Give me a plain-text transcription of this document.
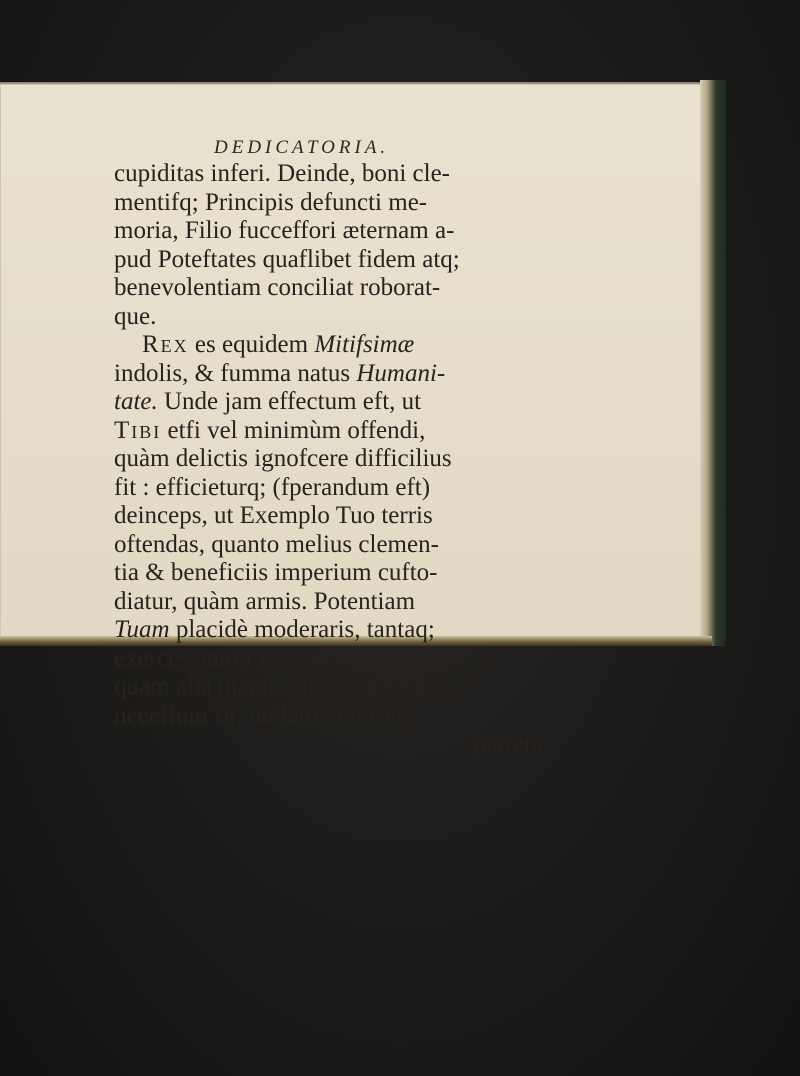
DEDICATORIA.
cupiditas inferi. Deinde, boni cle-
mentifq; Principis defuncti me-
moria, Filio fucceffori æternam a-
pud Poteftates quaflibet fidem atq;
benevolentiam conciliat roborat-
que.
Rex es equidem Mitifsimæ
indolis, & fumma natus Humani-
tate. Unde jam effectum eft, ut
Tibi etfi vel minimùm offendi,
quàm delictis ignofcere difficilius
fit : efficieturq; (fperandum eft)
deinceps, ut Exemplo Tuo terris
oftendas, quanto melius clemen-
tia & beneficiis imperium cufto-
diatur, quàm armis. Potentiam
Tuam placidè moderaris, tantaq;
exerces animi Lenitate ; ut, quan-
quam alia magis, alia minus tueri
neceffum fit, nullam non Reip.
partem
